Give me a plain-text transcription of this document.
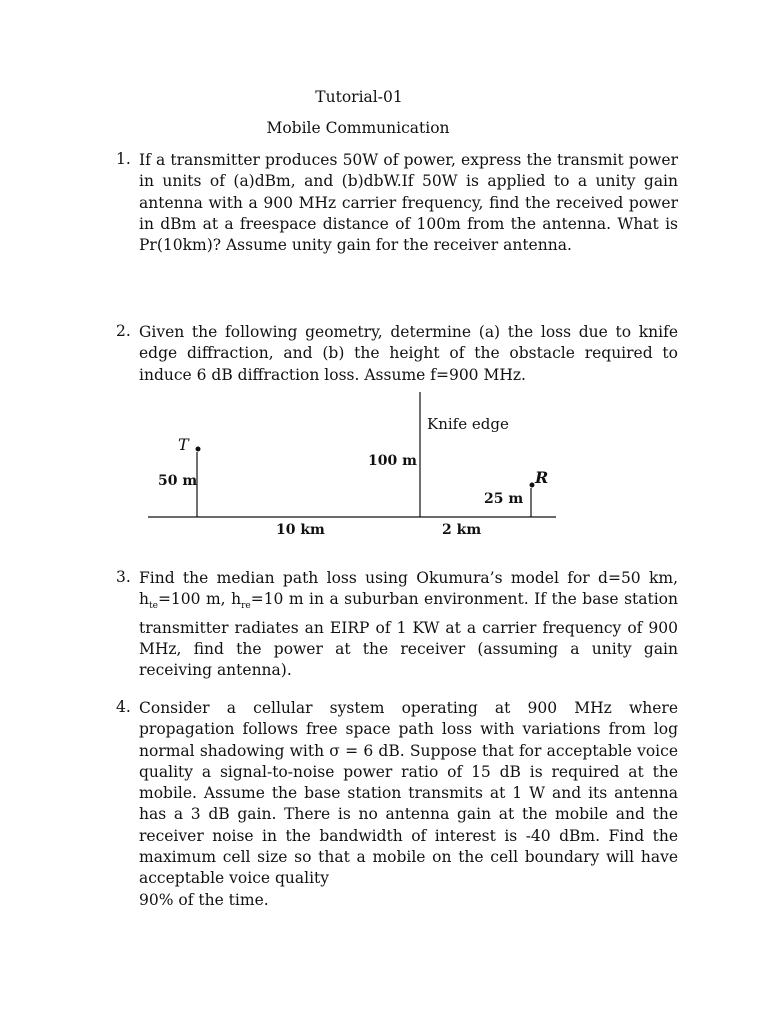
Tutorial-01
Mobile Communication
1. If a transmitter produces 50W of power, express the transmit power in units of (a)dBm, and (b)dbW.If 50W is applied to a unity gain antenna with a 900 MHz carrier frequency, find the received power in dBm at a freespace distance of 100m from the antenna. What is Pr(10km)? Assume unity gain for the receiver antenna.
2. Given the following geometry, determine (a) the loss due to knife edge diffraction, and (b) the height of the obstacle required to induce 6 dB diffraction loss. Assume f=900 MHz.
T
50 m
Knife edge
100 m
R
25 m
10 km	2 km
3. Find the median path loss using Okumura’s model for d=50 km, $h_{te}=100$ m, $h_{re}=10$ m in a suburban environment. If the base station transmitter radiates an EIRP of 1 KW at a carrier frequency of 900 MHz, find the power at the receiver (assuming a unity gain receiving antenna).
4. Consider a cellular system operating at 900 MHz where propagation follows free space path loss with variations from log normal shadowing with σ = 6 dB. Suppose that for acceptable voice quality a signal-to-noise power ratio of 15 dB is required at the mobile. Assume the base station transmits at 1 W and its antenna has a 3 dB gain. There is no antenna gain at the mobile and the receiver noise in the bandwidth of interest is -40 dBm. Find the maximum cell size so that a mobile on the cell boundary will have acceptable voice quality
90% of the time.
